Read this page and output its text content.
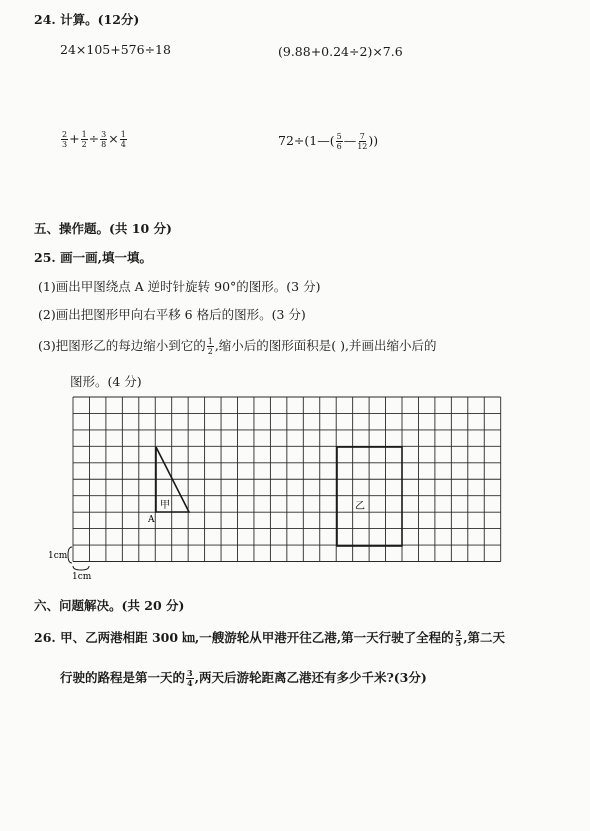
24. 计算。(12分)
24×105+576÷18	(9.88+0.24÷2)×7.6
$\frac{2}{3} + \frac{1}{2} \div \frac{3}{8} \times \frac{1}{4}$	72÷(1—( $\frac{5}{6}$ — $\frac{7}{12}$ ))
五、操作题。(共 10 分)
25. 画一画,填一填。
(1)画出甲图绕点 A 逆时针旋转 90°的图形。(3 分)
(2)画出把图形甲向右平移 6 格后的图形。(3 分)
(3)把图形乙的每边缩小到它的 $\frac{1}{2}$ ,缩小后的图形面积是( ),并画出缩小后的
图形。(4 分)
甲	乙
A
1cm
1cm
六、问题解决。(共 20 分)
26. 甲、乙两港相距 300 ㎞,一艘游轮从甲港开往乙港,第一天行驶了全程的 $\frac{2}{5}$ ,第二天
行驶的路程是第一天的 $\frac{3}{4}$ ,两天后游轮距离乙港还有多少千米?(3分)
